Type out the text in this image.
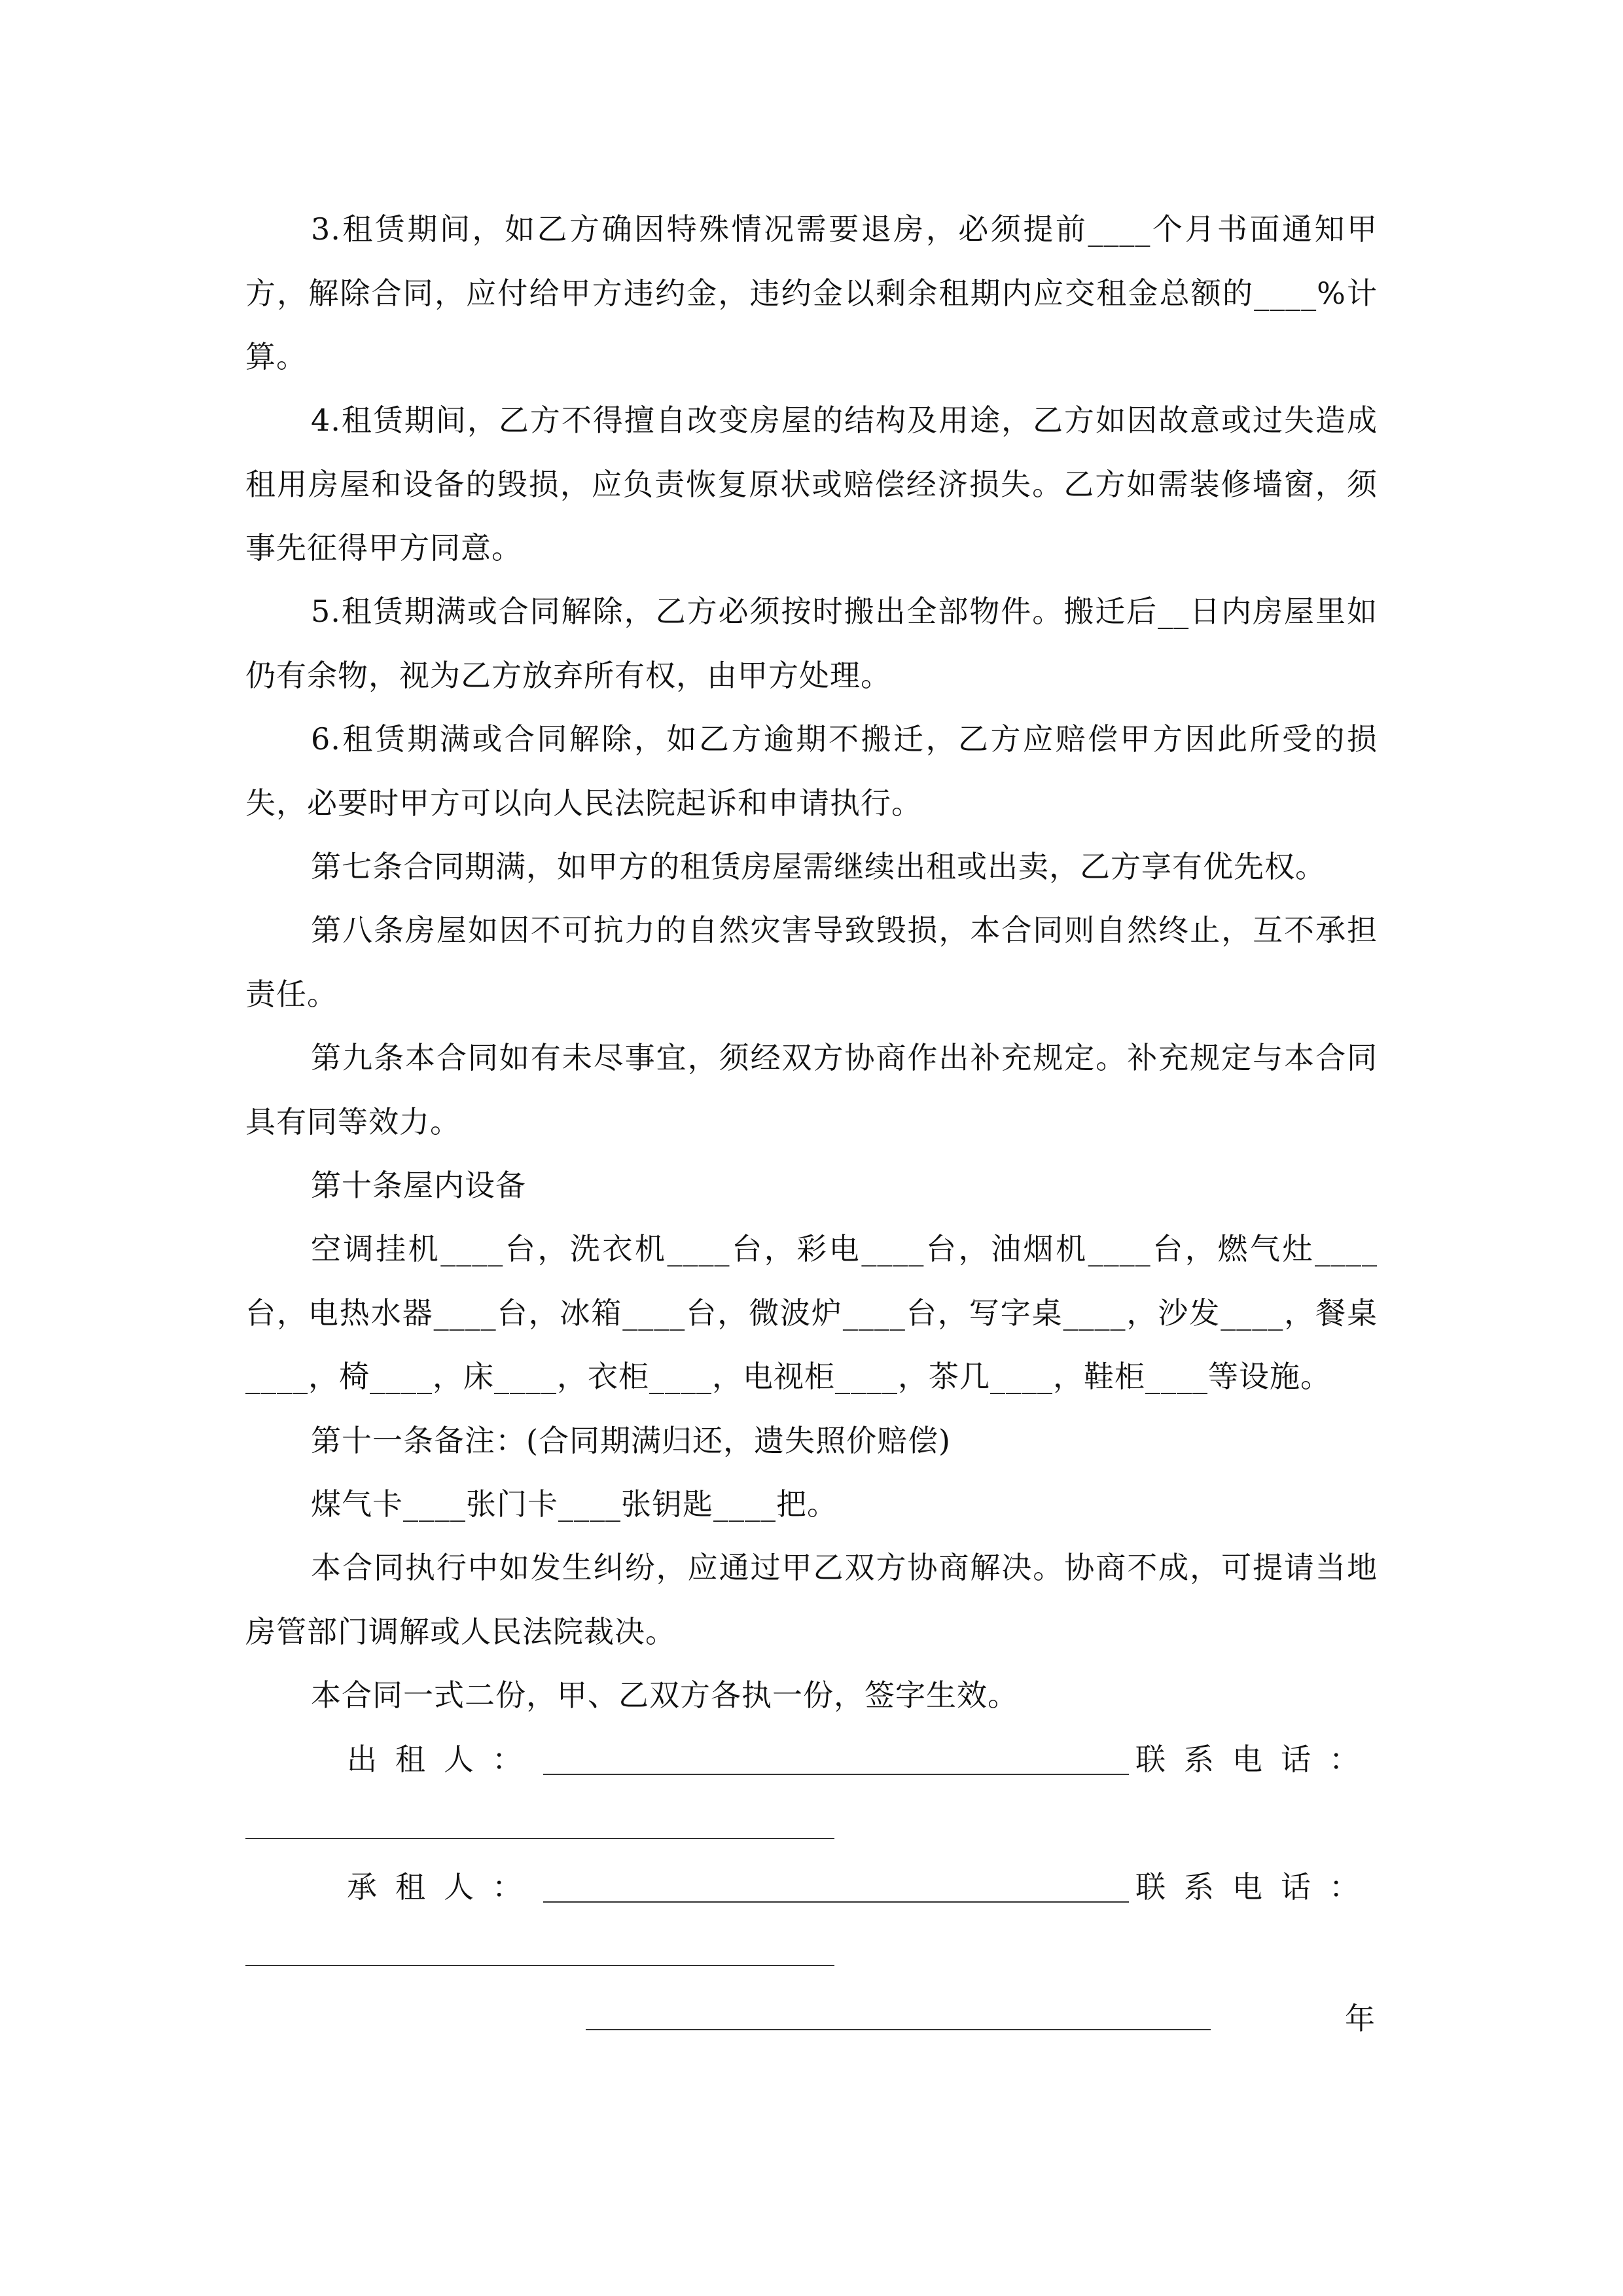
3.租赁期间，如乙方确因特殊情况需要退房，必须提前____个月书面通知甲方，解除合同，应付给甲方违约金，违约金以剩余租期内应交租金总额的____%计算。

4.租赁期间，乙方不得擅自改变房屋的结构及用途，乙方如因故意或过失造成租用房屋和设备的毁损，应负责恢复原状或赔偿经济损失。乙方如需装修墙窗，须事先征得甲方同意。

5.租赁期满或合同解除，乙方必须按时搬出全部物件。搬迁后__日内房屋里如仍有余物，视为乙方放弃所有权，由甲方处理。

6.租赁期满或合同解除，如乙方逾期不搬迁，乙方应赔偿甲方因此所受的损失，必要时甲方可以向人民法院起诉和申请执行。

第七条合同期满，如甲方的租赁房屋需继续出租或出卖，乙方享有优先权。

第八条房屋如因不可抗力的自然灾害导致毁损，本合同则自然终止，互不承担责任。

第九条本合同如有未尽事宜，须经双方协商作出补充规定。补充规定与本合同具有同等效力。

第十条屋内设备

空调挂机____台，洗衣机____台，彩电____台，油烟机____台，燃气灶____台，电热水器____台，冰箱____台，微波炉____台，写字桌____，沙发____，餐桌____，椅____，床____，衣柜____，电视柜____，茶几____，鞋柜____等设施。

第十一条备注：(合同期满归还，遗失照价赔偿)

煤气卡____张门卡____张钥匙____把。

本合同执行中如发生纠纷，应通过甲乙双方协商解决。协商不成，可提请当地房管部门调解或人民法院裁决。

本合同一式二份，甲、乙双方各执一份，签字生效。

出租人：	联系电话：
承租人：	联系电话：
年
